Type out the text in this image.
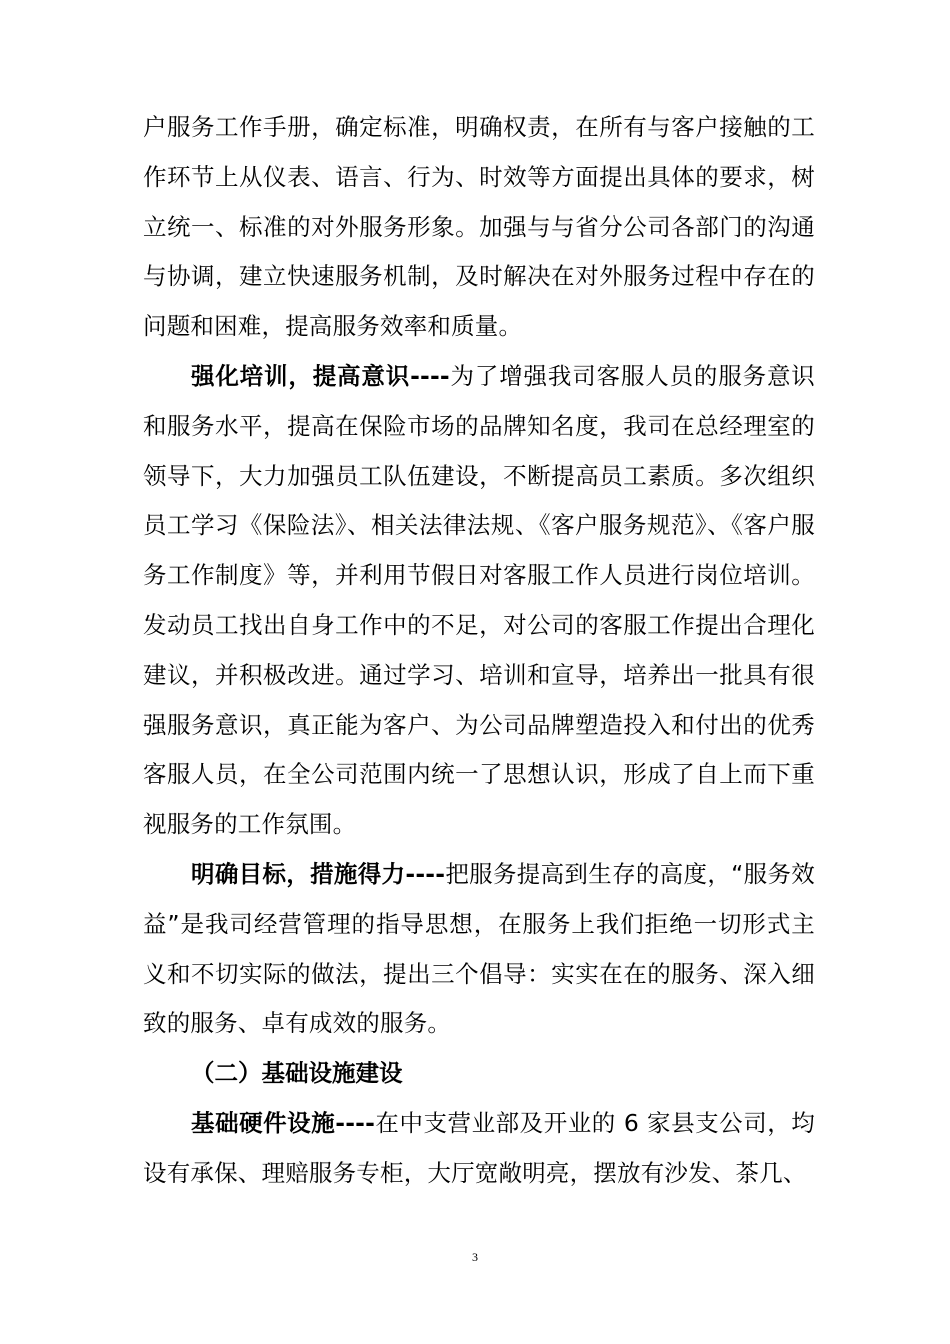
户服务工作手册，确定标准，明确权责，在所有与客户接触的工作环节上从仪表、语言、行为、时效等方面提出具体的要求，树立统一、标准的对外服务形象。加强与与省分公司各部门的沟通与协调，建立快速服务机制，及时解决在对外服务过程中存在的问题和困难，提高服务效率和质量。

强化培训，提高意识----为了增强我司客服人员的服务意识和服务水平，提高在保险市场的品牌知名度，我司在总经理室的领导下，大力加强员工队伍建设，不断提高员工素质。多次组织员工学习《保险法》、相关法律法规、《客户服务规范》、《客户服务工作制度》等，并利用节假日对客服工作人员进行岗位培训。发动员工找出自身工作中的不足，对公司的客服工作提出合理化建议，并积极改进。通过学习、培训和宣导，培养出一批具有很强服务意识，真正能为客户、为公司品牌塑造投入和付出的优秀客服人员，在全公司范围内统一了思想认识，形成了自上而下重视服务的工作氛围。

明确目标，措施得力----把服务提高到生存的高度，“服务效益”是我司经营管理的指导思想，在服务上我们拒绝一切形式主义和不切实际的做法，提出三个倡导：实实在在的服务、深入细致的服务、卓有成效的服务。

（二）基础设施建设

基础硬件设施----在中支营业部及开业的 6 家县支公司，均设有承保、理赔服务专柜，大厅宽敞明亮，摆放有沙发、茶几、

3
